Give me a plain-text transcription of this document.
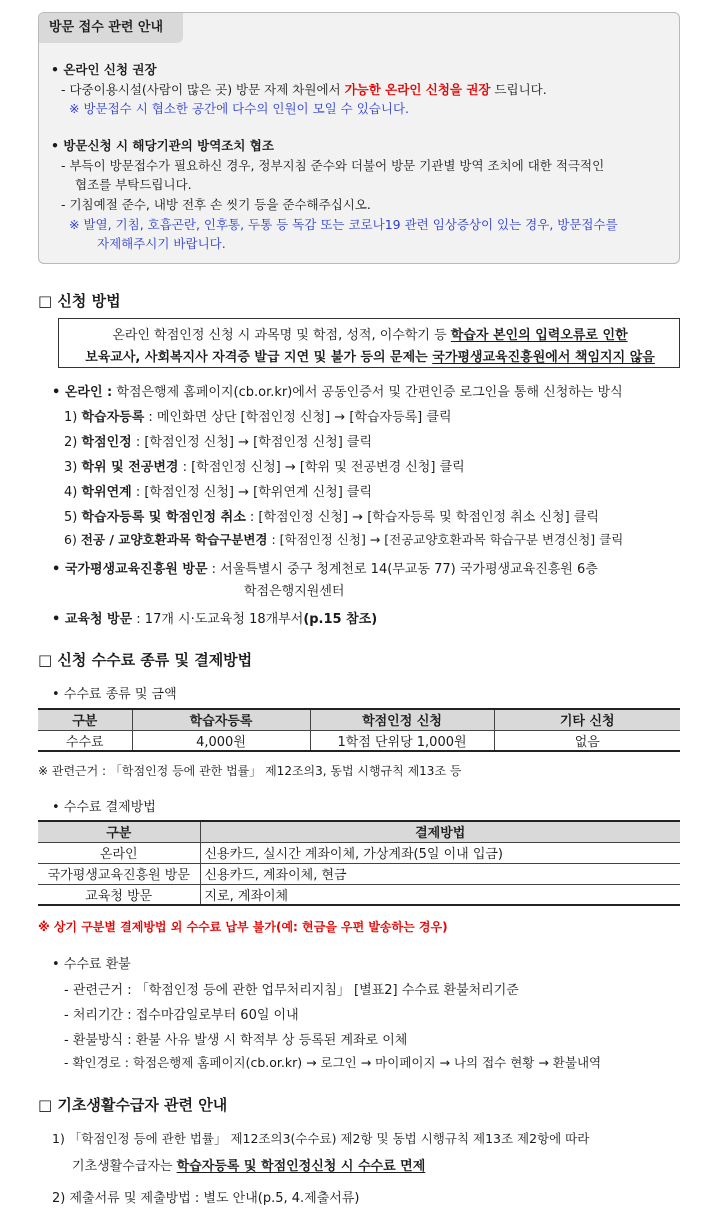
방문 접수 관련 안내
• 온라인 신청 권장
- 다중이용시설(사람이 많은 곳) 방문 자제 차원에서 가능한 온라인 신청을 권장 드립니다.
※ 방문접수 시 협소한 공간에 다수의 인원이 모일 수 있습니다.
• 방문신청 시 해당기관의 방역조치 협조
- 부득이 방문접수가 필요하신 경우, 정부지침 준수와 더불어 방문 기관별 방역 조치에 대한 적극적인
협조를 부탁드립니다.
- 기침예절 준수, 내방 전후 손 씻기 등을 준수해주십시오.
※ 발열, 기침, 호흡곤란, 인후통, 두통 등 독감 또는 코로나19 관련 임상증상이 있는 경우, 방문접수를
자제해주시기 바랍니다.
□ 신청 방법
온라인 학점인정 신청 시 과목명 및 학점, 성적, 이수학기 등 학습자 본인의 입력오류로 인한
보육교사, 사회복지사 자격증 발급 지연 및 불가 등의 문제는 국가평생교육진흥원에서 책임지지 않음
• 온라인 : 학점은행제 홈페이지(cb.or.kr)에서 공동인증서 및 간편인증 로그인을 통해 신청하는 방식
1) 학습자등록 : 메인화면 상단 [학점인정 신청] → [학습자등록] 클릭
2) 학점인정 : [학점인정 신청] → [학점인정 신청] 클릭
3) 학위 및 전공변경 : [학점인정 신청] → [학위 및 전공변경 신청] 클릭
4) 학위연계 : [학점인정 신청] → [학위연계 신청] 클릭
5) 학습자등록 및 학점인정 취소 : [학점인정 신청] → [학습자등록 및 학점인정 취소 신청] 클릭
6) 전공 / 교양호환과목 학습구분변경 : [학점인정 신청] → [전공교양호환과목 학습구분 변경신청] 클릭
• 국가평생교육진흥원 방문 : 서울특별시 중구 청계천로 14(무교동 77) 국가평생교육진흥원 6층
학점은행지원센터
• 교육청 방문 : 17개 시·도교육청 18개부서(p.15 참조)
□ 신청 수수료 종류 및 결제방법
• 수수료 종류 및 금액
구분	학습자등록	학점인정 신청	기타 신청
수수료	4,000원	1학점 단위당 1,000원	없음
※ 관련근거 : 「학점인정 등에 관한 법률」 제12조의3, 동법 시행규칙 제13조 등
• 수수료 결제방법
구분	결제방법
온라인	신용카드, 실시간 계좌이체, 가상계좌(5일 이내 입금)
국가평생교육진흥원 방문	신용카드, 계좌이체, 현금
교육청 방문	지로, 계좌이체
※ 상기 구분별 결제방법 외 수수료 납부 불가(예: 현금을 우편 발송하는 경우)
• 수수료 환불
- 관련근거 : 「학점인정 등에 관한 업무처리지침」 [별표2] 수수료 환불처리기준
- 처리기간 : 접수마감일로부터 60일 이내
- 환불방식 : 환불 사유 발생 시 학적부 상 등록된 계좌로 이체
- 확인경로 : 학점은행제 홈페이지(cb.or.kr) → 로그인 → 마이페이지 → 나의 접수 현황 → 환불내역
□ 기초생활수급자 관련 안내
1) 「학점인정 등에 관한 법률」 제12조의3(수수료) 제2항 및 동법 시행규칙 제13조 제2항에 따라
기초생활수급자는 학습자등록 및 학점인정신청 시 수수료 면제
2) 제출서류 및 제출방법 : 별도 안내(p.5, 4.제출서류)
